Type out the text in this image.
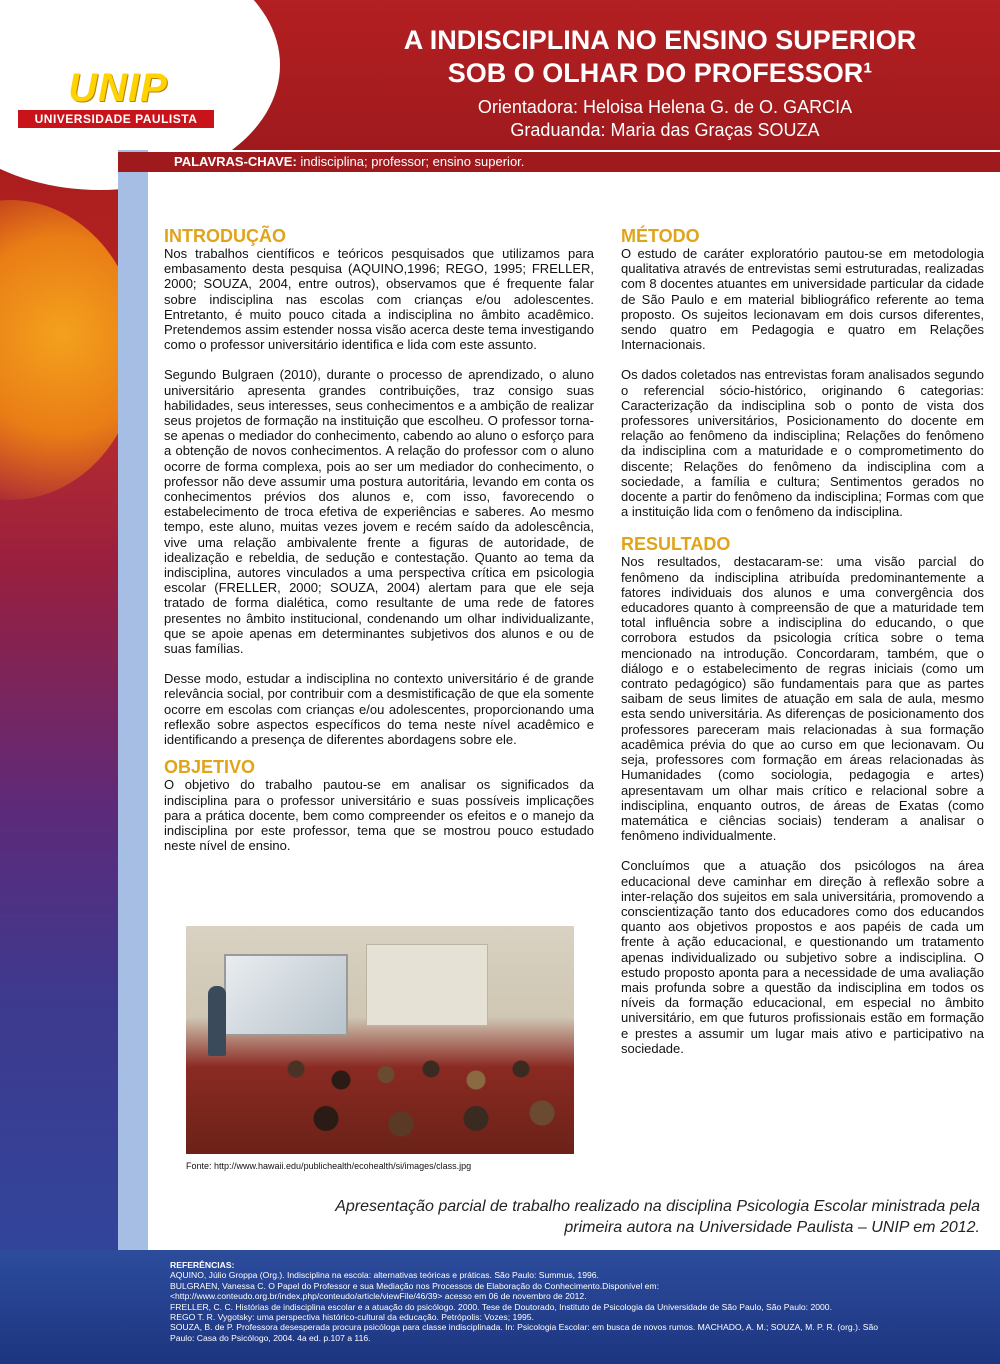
UNIP
UNIVERSIDADE PAULISTA
A INDISCIPLINA NO ENSINO SUPERIOR
SOB O OLHAR DO PROFESSOR¹
Orientadora: Heloisa Helena G. de O. GARCIA
Graduanda: Maria das Graças SOUZA
PALAVRAS-CHAVE: indisciplina; professor; ensino superior.
INTRODUÇÃO

Nos trabalhos científicos e teóricos pesquisados que utilizamos para embasamento desta pesquisa (AQUINO,1996; REGO, 1995; FRELLER, 2000; SOUZA, 2004, entre outros), observamos que é frequente falar sobre indisciplina nas escolas com crianças e/ou adolescentes. Entretanto, é muito pouco citada a indisciplina no âmbito acadêmico. Pretendemos assim estender nossa visão acerca deste tema investigando como o professor universitário identifica e lida com este assunto.

Segundo Bulgraen (2010), durante o processo de aprendizado, o aluno universitário apresenta grandes contribuições, traz consigo suas habilidades, seus interesses, seus conhecimentos e a ambição de realizar seus projetos de formação na instituição que escolheu. O professor torna-se apenas o mediador do conhecimento, cabendo ao aluno o esforço para a obtenção de novos conhecimentos. A relação do professor com o aluno ocorre de forma complexa, pois ao ser um mediador do conhecimento, o professor não deve assumir uma postura autoritária, levando em conta os conhecimentos prévios dos alunos e, com isso, favorecendo o estabelecimento de troca efetiva de experiências e saberes. Ao mesmo tempo, este aluno, muitas vezes jovem e recém saído da adolescência, vive uma relação ambivalente frente a figuras de autoridade, de idealização e rebeldia, de sedução e contestação. Quanto ao tema da indisciplina, autores vinculados a uma perspectiva crítica em psicologia escolar (FRELLER, 2000; SOUZA, 2004) alertam para que ele seja tratado de forma dialética, como resultante de uma rede de fatores presentes no âmbito institucional, condenando um olhar individualizante, que se apoie apenas em determinantes subjetivos dos alunos e ou de suas famílias.

Desse modo, estudar a indisciplina no contexto universitário é de grande relevância social, por contribuir com a desmistificação de que ela somente ocorre em escolas com crianças e/ou adolescentes, proporcionando uma reflexão sobre aspectos específicos do tema neste nível acadêmico e identificando a presença de diferentes abordagens sobre ele.

OBJETIVO

O objetivo do trabalho pautou-se em analisar os significados da indisciplina para o professor universitário e suas possíveis implicações para a prática docente, bem como compreender os efeitos e o manejo da indisciplina por este professor, tema que se mostrou pouco estudado neste nível de ensino.

Fonte: http://www.hawaii.edu/publichealth/ecohealth/si/images/class.jpg
MÉTODO

O estudo de caráter exploratório pautou-se em metodologia qualitativa através de entrevistas semi estruturadas, realizadas com 8 docentes atuantes em universidade particular da cidade de São Paulo e em material bibliográfico referente ao tema proposto. Os sujeitos lecionavam em dois cursos diferentes, sendo quatro em Pedagogia e quatro em Relações Internacionais.

Os dados coletados nas entrevistas foram analisados segundo o referencial sócio-histórico, originando 6 categorias: Caracterização da indisciplina sob o ponto de vista dos professores universitários, Posicionamento do docente em relação ao fenômeno da indisciplina; Relações do fenômeno da indisciplina com a maturidade e o comprometimento do discente; Relações do fenômeno da indisciplina com a sociedade, a família e cultura; Sentimentos gerados no docente a partir do fenômeno da indisciplina; Formas com que a instituição lida com o fenômeno da indisciplina.

RESULTADO

Nos resultados, destacaram-se: uma visão parcial do fenômeno da indisciplina atribuída predominantemente a fatores individuais dos alunos e uma convergência dos educadores quanto à compreensão de que a maturidade tem total influência sobre a indisciplina do educando, o que corrobora estudos da psicologia crítica sobre o tema mencionado na introdução. Concordaram, também, que o diálogo e o estabelecimento de regras iniciais (como um contrato pedagógico) são fundamentais para que as partes saibam de seus limites de atuação em sala de aula, mesmo esta sendo universitária. As diferenças de posicionamento dos professores pareceram mais relacionadas à sua formação acadêmica prévia do que ao curso em que lecionavam. Ou seja, professores com formação em áreas relacionadas às Humanidades (como sociologia, pedagogia e artes) apresentavam um olhar mais crítico e relacional sobre a indisciplina, enquanto outros, de áreas de Exatas (como matemática e ciências sociais) tenderam a analisar o fenômeno individualmente.

Concluímos que a atuação dos psicólogos na área educacional deve caminhar em direção à reflexão sobre a inter-relação dos sujeitos em sala universitária, promovendo a conscientização tanto dos educadores como dos educandos quanto aos objetivos propostos e aos papéis de cada um frente à ação educacional, e questionando um tratamento apenas individualizado ou subjetivo sobre a indisciplina. O estudo proposto aponta para a necessidade de uma avaliação mais profunda sobre a questão da indisciplina em todos os níveis da formação educacional, em especial no âmbito universitário, em que futuros profissionais estão em formação e prestes a assumir um lugar mais ativo e participativo na sociedade.

Apresentação parcial de trabalho realizado na disciplina Psicologia Escolar ministrada pela
primeira autora na Universidade Paulista – UNIP em 2012.
REFERÊNCIAS:
AQUINO, Júlio Groppa (Org.). Indisciplina na escola: alternativas teóricas e práticas. São Paulo: Summus, 1996.
BULGRAEN, Vanessa C. O Papel do Professor e sua Mediação nos Processos de Elaboração do Conhecimento.Disponível em:
<http://www.conteudo.org.br/index.php/conteudo/article/viewFile/46/39> acesso em 06 de novembro de 2012.
FRELLER, C. C. Histórias de indisciplina escolar e a atuação do psicólogo. 2000. Tese de Doutorado, Instituto de Psicologia da Universidade de São Paulo, São Paulo: 2000.
REGO T. R. Vygotsky: uma perspectiva histórico-cultural da educação. Petrópolis: Vozes; 1995.
SOUZA, B. de P. Professora desesperada procura psicóloga para classe indisciplinada. In: Psicologia Escolar: em busca de novos rumos. MACHADO, A. M.; SOUZA, M. P. R. (org.). São
Paulo: Casa do Psicólogo, 2004. 4a ed. p.107 a 116.
